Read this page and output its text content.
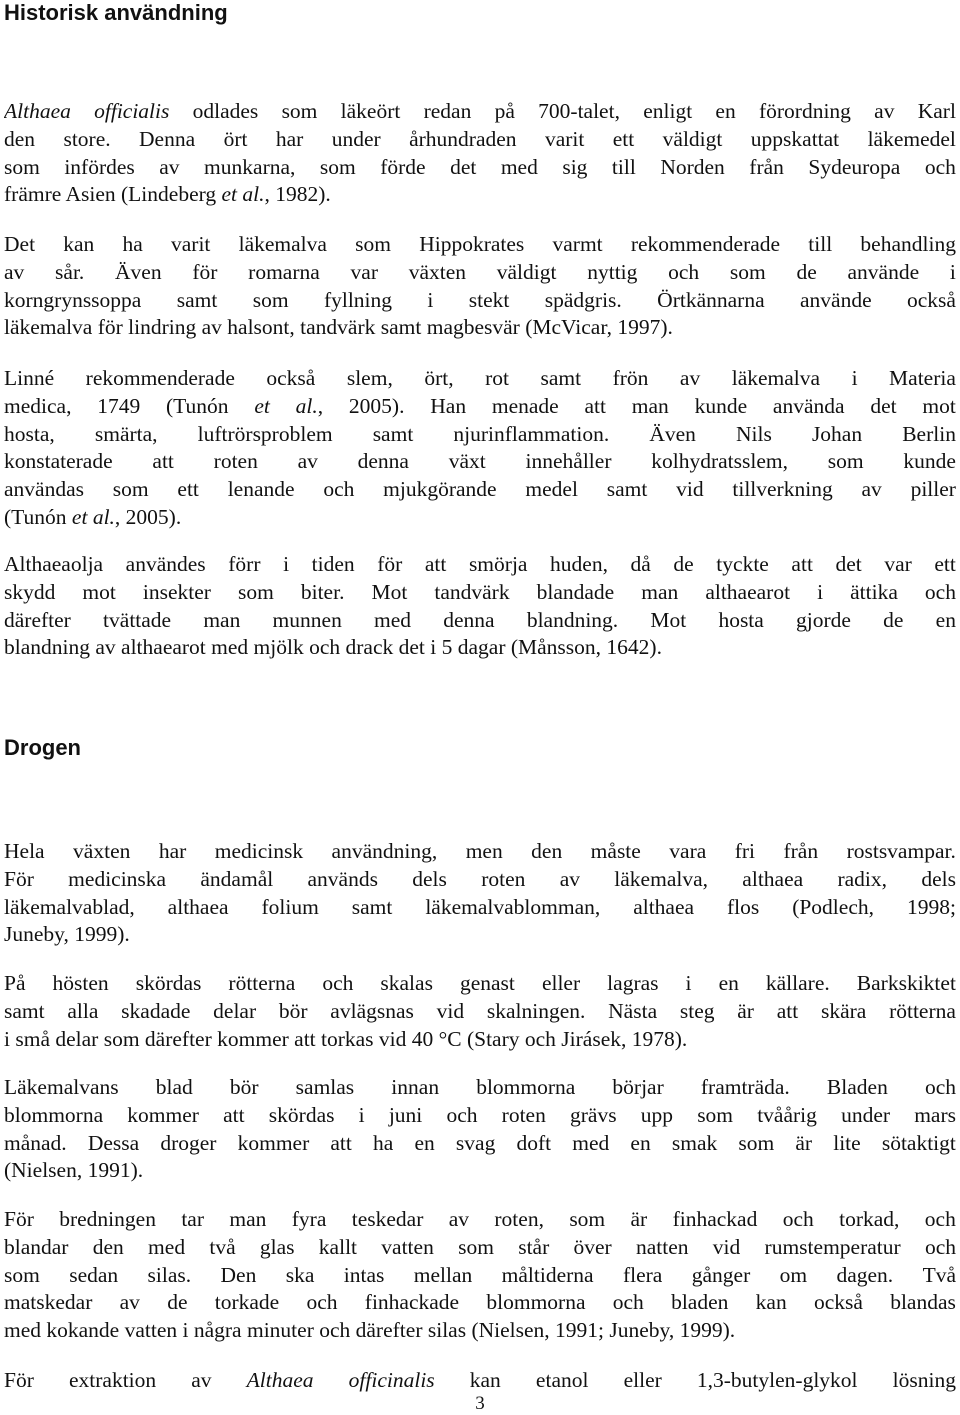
Historisk användning
Althaea officialis odlades som läkeört redan på 700-talet, enligt en förordning av Karl
den store. Denna ört har under århundraden varit ett väldigt uppskattat läkemedel
som infördes av munkarna, som förde det med sig till Norden från Sydeuropa och
främre Asien (Lindeberg et al., 1982).
Det kan ha varit läkemalva som Hippokrates varmt rekommenderade till behandling
av sår. Även för romarna var växten väldigt nyttig och som de använde i
korngrynssoppa samt som fyllning i stekt spädgris. Örtkännarna använde också
läkemalva för lindring av halsont, tandvärk samt magbesvär (McVicar, 1997).
Linné rekommenderade också slem, ört, rot samt frön av läkemalva i Materia
medica, 1749 (Tunón et al., 2005). Han menade att man kunde använda det mot
hosta, smärta, luftrörsproblem samt njurinflammation. Även Nils Johan Berlin
konstaterade att roten av denna växt innehåller kolhydratsslem, som kunde
användas som ett lenande och mjukgörande medel samt vid tillverkning av piller
(Tunón et al., 2005).
Althaeaolja användes förr i tiden för att smörja huden, då de tyckte att det var ett
skydd mot insekter som biter. Mot tandvärk blandade man althaearot i ättika och
därefter tvättade man munnen med denna blandning. Mot hosta gjorde de en
blandning av althaearot med mjölk och drack det i 5 dagar (Månsson, 1642).
Drogen
Hela växten har medicinsk användning, men den måste vara fri från rostsvampar.
För medicinska ändamål används dels roten av läkemalva, althaea radix, dels
läkemalvablad, althaea folium samt läkemalvablomman, althaea flos (Podlech, 1998;
Juneby, 1999).
På hösten skördas rötterna och skalas genast eller lagras i en källare. Barkskiktet
samt alla skadade delar bör avlägsnas vid skalningen. Nästa steg är att skära rötterna
i små delar som därefter kommer att torkas vid 40 °C (Stary och Jirásek, 1978).
Läkemalvans blad bör samlas innan blommorna börjar framträda. Bladen och
blommorna kommer att skördas i juni och roten grävs upp som tvåårig under mars
månad. Dessa droger kommer att ha en svag doft med en smak som är lite sötaktigt
(Nielsen, 1991).
För bredningen tar man fyra teskedar av roten, som är finhackad och torkad, och
blandar den med två glas kallt vatten som står över natten vid rumstemperatur och
som sedan silas. Den ska intas mellan måltiderna flera gånger om dagen. Två
matskedar av de torkade och finhackade blommorna och bladen kan också blandas
med kokande vatten i några minuter och därefter silas (Nielsen, 1991; Juneby, 1999).
För extraktion av Althaea officinalis kan etanol eller 1,3-butylen-glykol lösning
3
